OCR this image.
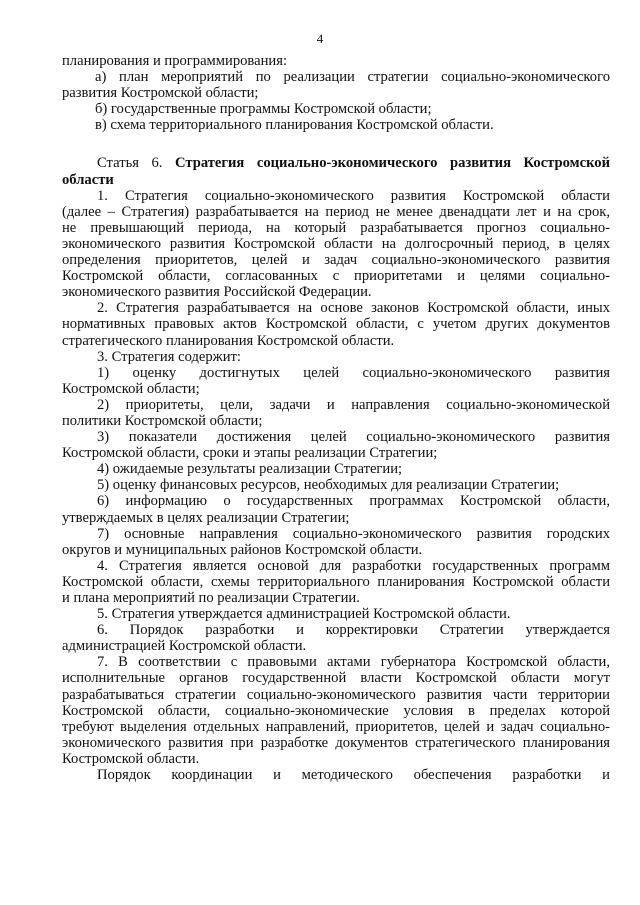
4
планирования и программирования:
а) план мероприятий по реализации стратегии социально-экономического
развития Костромской области;
б) государственные программы Костромской области;
в) схема территориального планирования Костромской области.
Статья 6. Стратегия социально-экономического развития Костромской
области
1. Стратегия социально-экономического развития Костромской области
(далее – Стратегия) разрабатывается на период не менее двенадцати лет и на срок,
не превышающий периода, на который разрабатывается прогноз социально-
экономического развития Костромской области на долгосрочный период, в целях
определения приоритетов, целей и задач социально-экономического развития
Костромской области, согласованных с приоритетами и целями социально-
экономического развития Российской Федерации.
2. Стратегия разрабатывается на основе законов Костромской области, иных
нормативных правовых актов Костромской области, с учетом других документов
стратегического планирования Костромской области.
3. Стратегия содержит:
1) оценку достигнутых целей социально-экономического развития
Костромской области;
2) приоритеты, цели, задачи и направления социально-экономической
политики Костромской области;
3) показатели достижения целей социально-экономического развития
Костромской области, сроки и этапы реализации Стратегии;
4) ожидаемые результаты реализации Стратегии;
5) оценку финансовых ресурсов, необходимых для реализации Стратегии;
6) информацию о государственных программах Костромской области,
утверждаемых в целях реализации Стратегии;
7) основные направления социально-экономического развития городских
округов и муниципальных районов Костромской области.
4. Стратегия является основой для разработки государственных программ
Костромской области, схемы территориального планирования Костромской области
и плана мероприятий по реализации Стратегии.
5. Стратегия утверждается администрацией Костромской области.
6. Порядок разработки и корректировки Стратегии утверждается
администрацией Костромской области.
7. В соответствии с правовыми актами губернатора Костромской области,
исполнительные органов государственной власти Костромской области могут
разрабатываться стратегии социально-экономического развития части территории
Костромской области, социально-экономические условия в пределах которой
требуют выделения отдельных направлений, приоритетов, целей и задач социально-
экономического развития при разработке документов стратегического планирования
Костромской области.
Порядок координации и методического обеспечения разработки и
